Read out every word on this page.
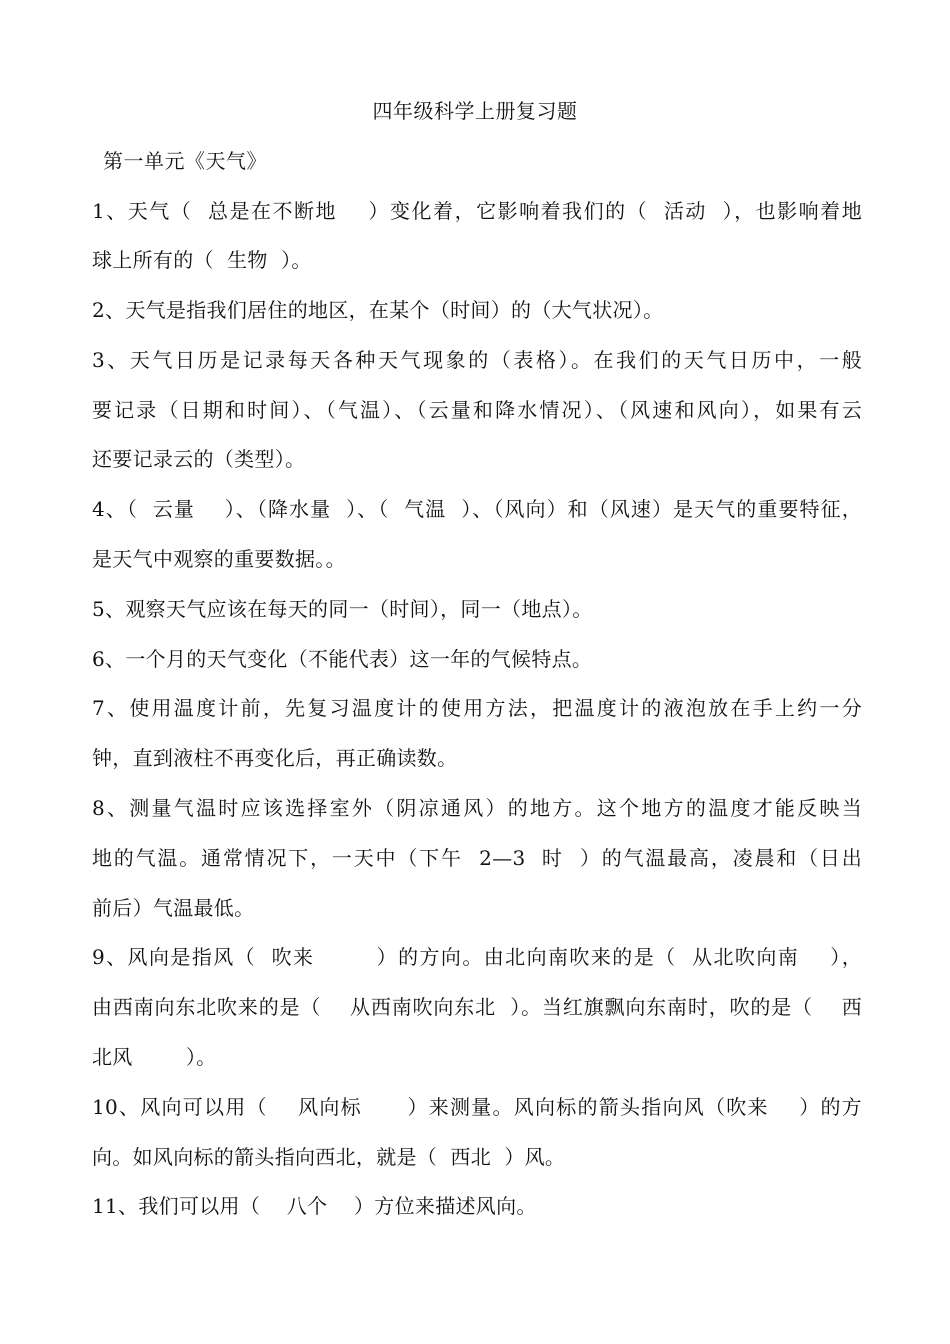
四年级科学上册复习题
第一单元《天气》
1、天气（  总是在不断地    ）变化着，它影响着我们的（  活动  ），也影响着地
球上所有的（  生物  ）。
2、天气是指我们居住的地区，在某个（时间）的（大气状况）。
3、天气日历是记录每天各种天气现象的（表格）。在我们的天气日历中，一般
要记录（日期和时间）、（气温）、（云量和降水情况）、（风速和风向），如果有云
还要记录云的（类型）。
4、（  云量    ）、（降水量  ）、（  气温  ）、（风向）和（风速）是天气的重要特征，
是天气中观察的重要数据。。
5、观察天气应该在每天的同一（时间），同一（地点）。
6、一个月的天气变化（不能代表）这一年的气候特点。
7、使用温度计前，先复习温度计的使用方法，把温度计的液泡放在手上约一分
钟，直到液柱不再变化后，再正确读数。
8、测量气温时应该选择室外（阴凉通风）的地方。这个地方的温度才能反映当
地的气温。通常情况下，一天中（下午  2—3  时  ）的气温最高，凌晨和（日出
前后）气温最低。
9、风向是指风（  吹来        ）的方向。由北向南吹来的是（  从北吹向南    ），
由西南向东北吹来的是（    从西南吹向东北  ）。当红旗飘向东南时，吹的是（    西
北风        ）。
10、风向可以用（    风向标      ）来测量。风向标的箭头指向风（吹来    ）的方
向。如风向标的箭头指向西北，就是（  西北  ）风。
11、我们可以用（    八个    ）方位来描述风向。
